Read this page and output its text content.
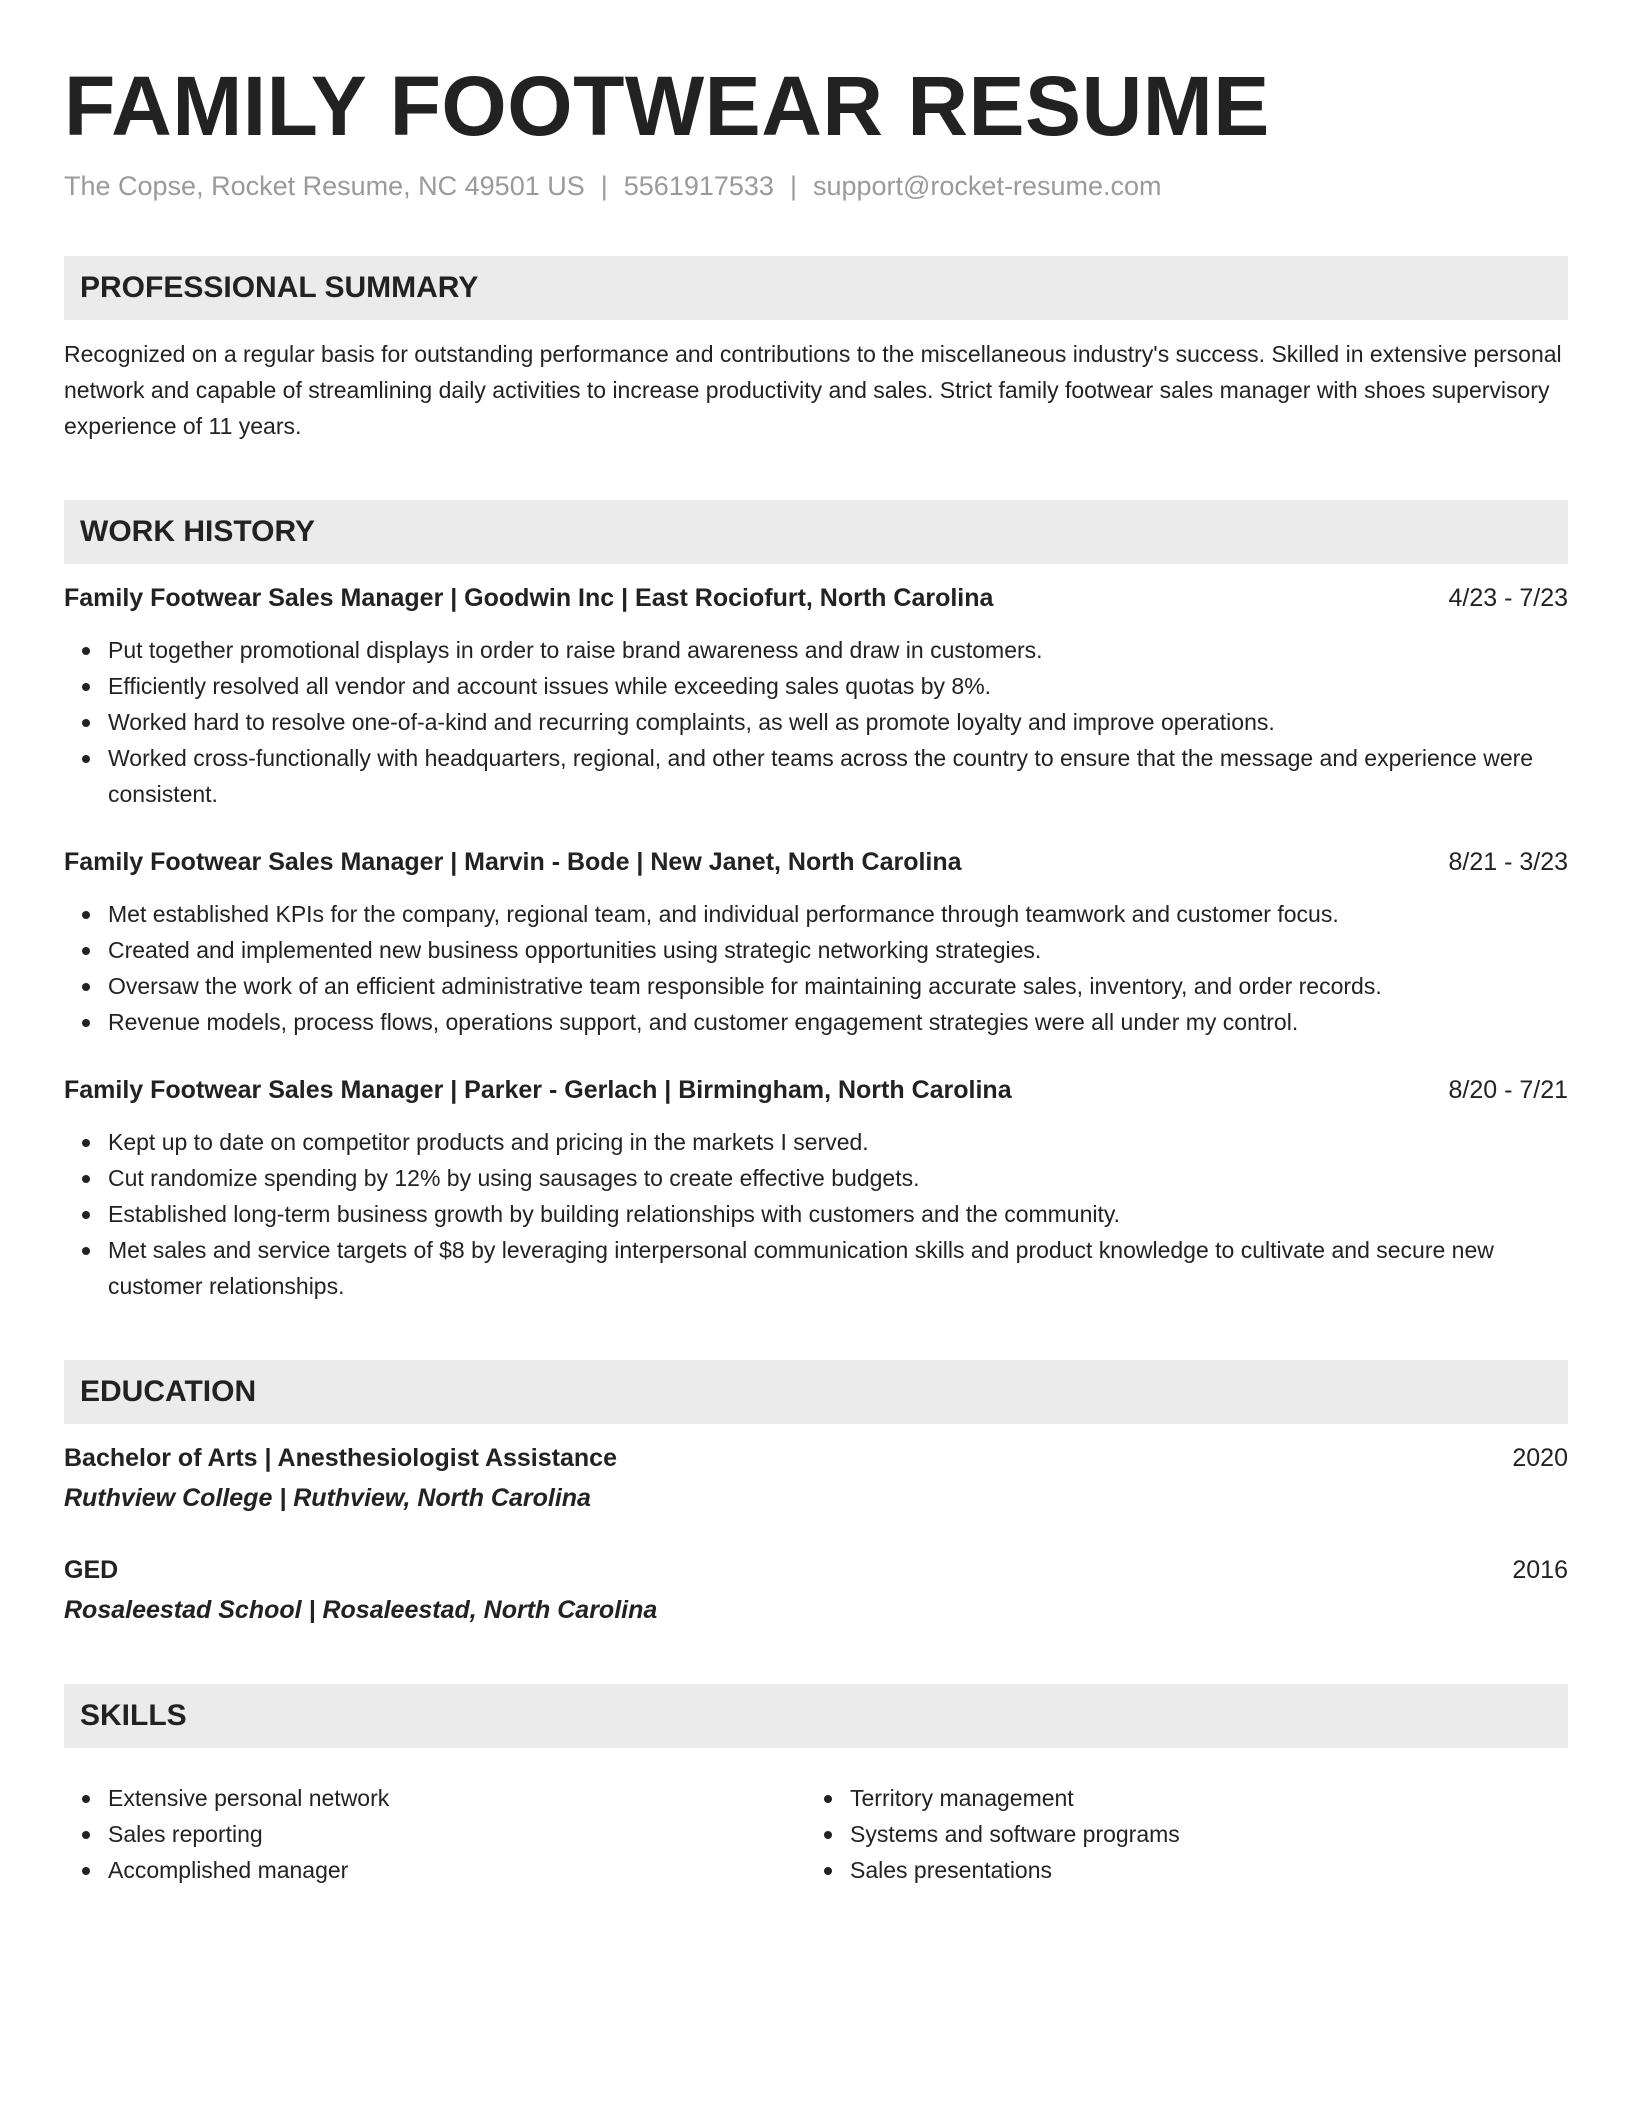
FAMILY FOOTWEAR RESUME
The Copse, Rocket Resume, NC 49501 US | 5561917533 | support@rocket-resume.com
PROFESSIONAL SUMMARY

Recognized on a regular basis for outstanding performance and contributions to the miscellaneous industry's success. Skilled in extensive personal network and capable of streamlining daily activities to increase productivity and sales. Strict family footwear sales manager with shoes supervisory experience of 11 years.

WORK HISTORY
Family Footwear Sales Manager | Goodwin Inc | East Rociofurt, North Carolina	4/23 - 7/23
Put together promotional displays in order to raise brand awareness and draw in customers.
Efficiently resolved all vendor and account issues while exceeding sales quotas by 8%.
Worked hard to resolve one-of-a-kind and recurring complaints, as well as promote loyalty and improve operations.
Worked cross-functionally with headquarters, regional, and other teams across the country to ensure that the message and experience were consistent.
Family Footwear Sales Manager | Marvin - Bode | New Janet, North Carolina	8/21 - 3/23
Met established KPIs for the company, regional team, and individual performance through teamwork and customer focus.
Created and implemented new business opportunities using strategic networking strategies.
Oversaw the work of an efficient administrative team responsible for maintaining accurate sales, inventory, and order records.
Revenue models, process flows, operations support, and customer engagement strategies were all under my control.
Family Footwear Sales Manager | Parker - Gerlach | Birmingham, North Carolina	8/20 - 7/21
Kept up to date on competitor products and pricing in the markets I served.
Cut randomize spending by 12% by using sausages to create effective budgets.
Established long-term business growth by building relationships with customers and the community.
Met sales and service targets of $8 by leveraging interpersonal communication skills and product knowledge to cultivate and secure new customer relationships.
EDUCATION
Bachelor of Arts | Anesthesiologist Assistance	2020
Ruthview College | Ruthview, North Carolina
GED	2016
Rosaleestad School | Rosaleestad, North Carolina
SKILLS
Extensive personal network
Sales reporting
Accomplished manager
Territory management
Systems and software programs
Sales presentations
